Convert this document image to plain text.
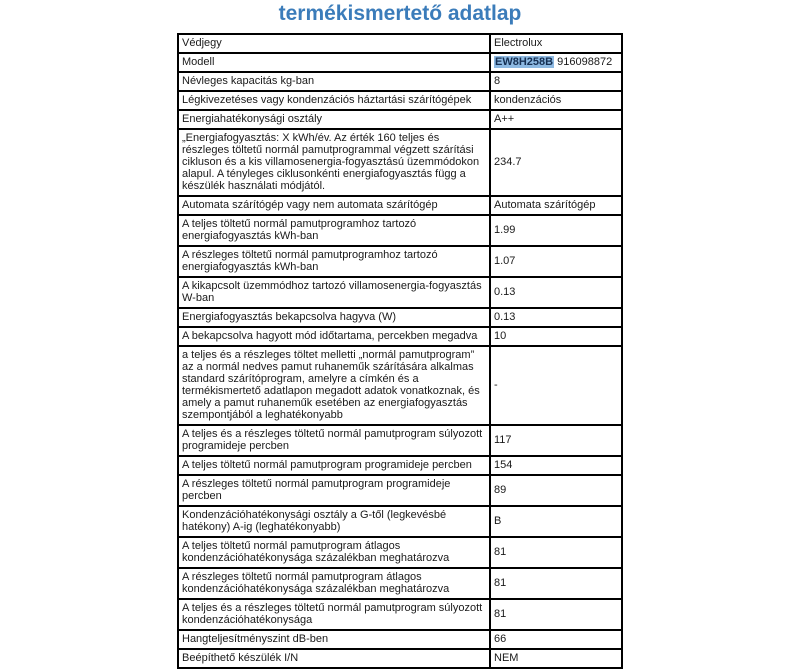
termékismertető adatlap
Védjegy	Electrolux
Modell	EW8H258B 916098872
Névleges kapacitás kg-ban	8
Légkivezetéses vagy kondenzációs háztartási szárítógépek	kondenzációs
Energiahatékonysági osztály	A++
„Energiafogyasztás: X kWh/év. Az érték 160 teljes és részleges töltetű normál pamutprogrammal végzett szárítási cikluson és a kis villamosenergia-fogyasztású üzemmódokon alapul. A tényleges ciklusonkénti energiafogyasztás függ a készülék használati módjától.	234.7
Automata szárítógép vagy nem automata szárítógép	Automata szárítógép
A teljes töltetű normál pamutprogramhoz tartozó energiafogyasztás kWh-ban	1.99
A részleges töltetű normál pamutprogramhoz tartozó energiafogyasztás kWh-ban	1.07
A kikapcsolt üzemmódhoz tartozó villamosenergia-fogyasztás W-ban	0.13
Energiafogyasztás bekapcsolva hagyva (W)	0.13
A bekapcsolva hagyott mód időtartama, percekben megadva	10
a teljes és a részleges töltet melletti „normál pamutprogram” az a normál nedves pamut ruhaneműk szárítására alkalmas standard szárítóprogram, amelyre a címkén és a termékismertető adatlapon megadott adatok vonatkoznak, és amely a pamut ruhaneműk esetében az energiafogyasztás szempontjából a leghatékonyabb	-
A teljes és a részleges töltetű normál pamutprogram súlyozott programideje percben	117
A teljes töltetű normál pamutprogram programideje percben	154
A részleges töltetű normál pamutprogram programideje percben	89
Kondenzációhatékonysági osztály a G-től (legkevésbé hatékony) A-ig (leghatékonyabb)	B
A teljes töltetű normál pamutprogram átlagos kondenzációhatékonysága százalékban meghatározva	81
A részleges töltetű normál pamutprogram átlagos kondenzációhatékonysága százalékban meghatározva	81
A teljes és a részleges töltetű normál pamutprogram súlyozott kondenzációhatékonysága	81
Hangteljesítményszint dB-ben	66
Beépíthető készülék I/N	NEM
